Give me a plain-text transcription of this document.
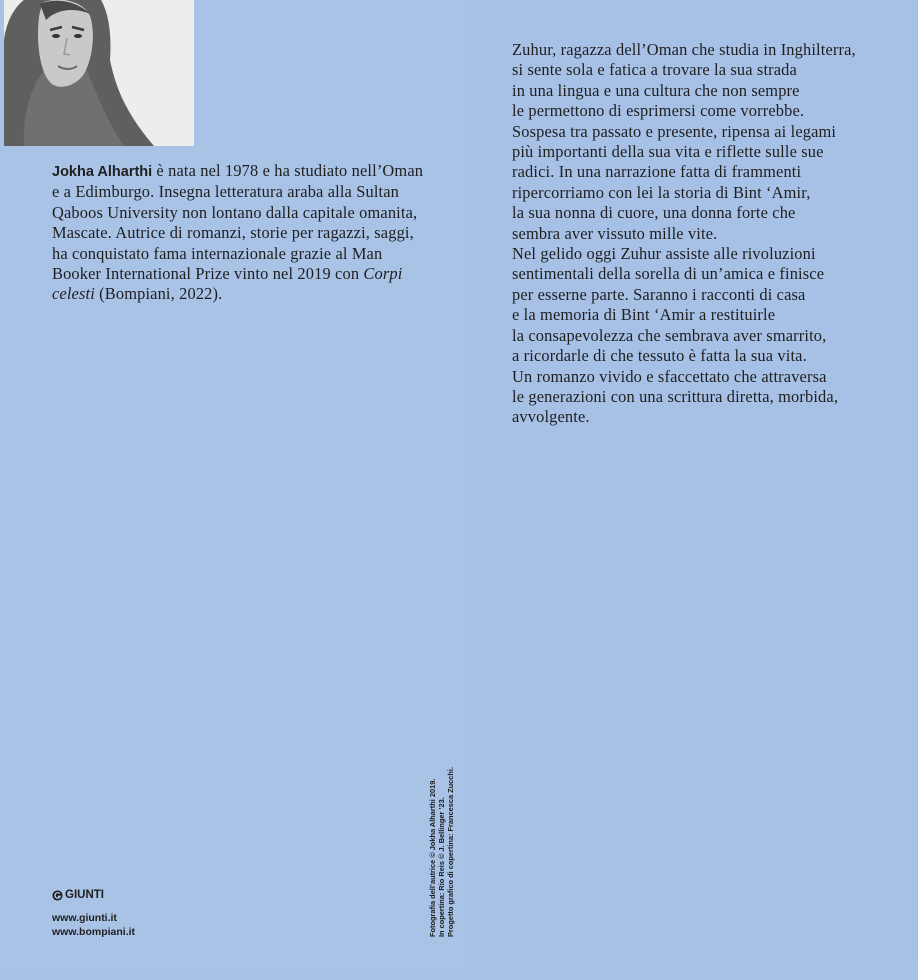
Jokha Alharthi è nata nel 1978 e ha studiato nell’Oman e a Edimburgo. Insegna letteratura araba alla Sultan Qaboos University non lontano dalla capitale omanita, Mascate. Autrice di romanzi, storie per ragazzi, saggi, ha conquistato fama internazionale grazie al Man Booker International Prize vinto nel 2019 con Corpi celesti (Bompiani, 2022).

Fotografia dell’autrice © Jokha Alharthi 2019. In copertina: Rio Reis © J. Bellinger ’23. Progetto grafico di copertina: Francesca Zucchi.
GIUNTI
www.giunti.it
www.bompiani.it
Zuhur, ragazza dell’Oman che studia in Inghilterra,
si sente sola e fatica a trovare la sua strada
in una lingua e una cultura che non sempre
le permettono di esprimersi come vorrebbe.
Sospesa tra passato e presente, ripensa ai legami
più importanti della sua vita e riflette sulle sue
radici. In una narrazione fatta di frammenti
ripercorriamo con lei la storia di Bint ‘Amir,
la sua nonna di cuore, una donna forte che
sembra aver vissuto mille vite.
Nel gelido oggi Zuhur assiste alle rivoluzioni
sentimentali della sorella di un’amica e finisce
per esserne parte. Saranno i racconti di casa
e la memoria di Bint ‘Amir a restituirle
la consapevolezza che sembrava aver smarrito,
a ricordarle di che tessuto è fatta la sua vita.
Un romanzo vivido e sfaccettato che attraversa
le generazioni con una scrittura diretta, morbida,
avvolgente.
